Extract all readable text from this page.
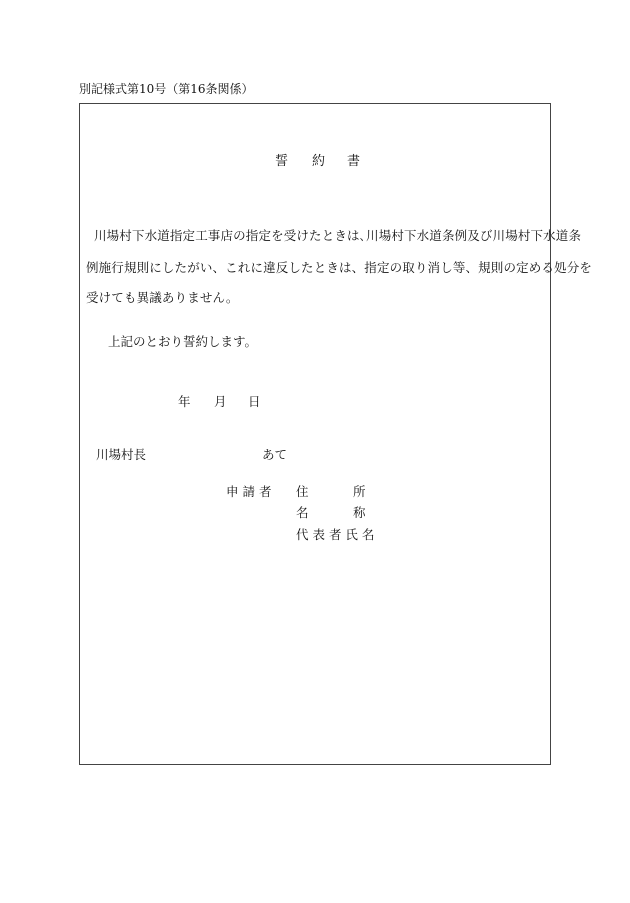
別記様式第10号（第16条関係）
誓 約 書
川場村下水道指定工事店の指定を受けたときは､川場村下水道条例及び川場村下水道条
例施行規則にしたがい、これに違反したときは、指定の取り消し等、規則の定める処分を
受けても異議ありません。
上記のとおり誓約します。
年 月 日
川場村長	あて
申 請 者 住	所
名	称
代 表 者 氏 名
